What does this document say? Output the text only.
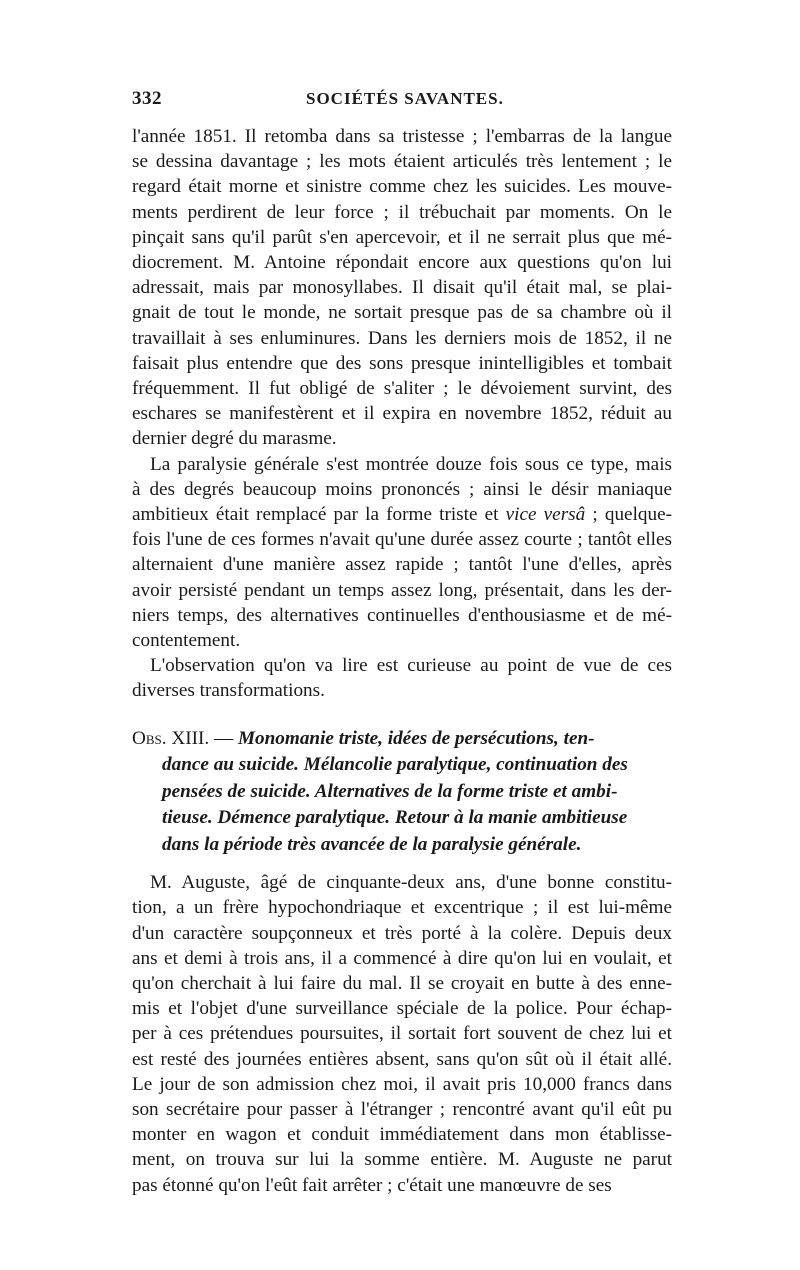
332	SOCIÉTÉS SAVANTES.
l'année 1851. Il retomba dans sa tristesse ; l'embarras de la langue
se dessina davantage ; les mots étaient articulés très lentement ; le
regard était morne et sinistre comme chez les suicides. Les mouve-
ments perdirent de leur force ; il trébuchait par moments. On le
pinçait sans qu'il parût s'en apercevoir, et il ne serrait plus que mé-
diocrement. M. Antoine répondait encore aux questions qu'on lui
adressait, mais par monosyllabes. Il disait qu'il était mal, se plai-
gnait de tout le monde, ne sortait presque pas de sa chambre où il
travaillait à ses enluminures. Dans les derniers mois de 1852, il ne
faisait plus entendre que des sons presque inintelligibles et tombait
fréquemment. Il fut obligé de s'aliter ; le dévoiement survint, des
eschares se manifestèrent et il expira en novembre 1852, réduit au
dernier degré du marasme.
La paralysie générale s'est montrée douze fois sous ce type, mais
à des degrés beaucoup moins prononcés ; ainsi le désir maniaque
ambitieux était remplacé par la forme triste et vice versâ ; quelque-
fois l'une de ces formes n'avait qu'une durée assez courte ; tantôt elles
alternaient d'une manière assez rapide ; tantôt l'une d'elles, après
avoir persisté pendant un temps assez long, présentait, dans les der-
niers temps, des alternatives continuelles d'enthousiasme et de mé-
contentement.
L'observation qu'on va lire est curieuse au point de vue de ces
diverses transformations.

Obs. XIII. — Monomanie triste, idées de persécutions, ten-

dance au suicide. Mélancolie paralytique, continuation des

pensées de suicide. Alternatives de la forme triste et ambi-

tieuse. Démence paralytique. Retour à la manie ambitieuse

dans la période très avancée de la paralysie générale.

M. Auguste, âgé de cinquante-deux ans, d'une bonne constitu-
tion, a un frère hypochondriaque et excentrique ; il est lui-même
d'un caractère soupçonneux et très porté à la colère. Depuis deux
ans et demi à trois ans, il a commencé à dire qu'on lui en voulait, et
qu'on cherchait à lui faire du mal. Il se croyait en butte à des enne-
mis et l'objet d'une surveillance spéciale de la police. Pour échap-
per à ces prétendues poursuites, il sortait fort souvent de chez lui et
est resté des journées entières absent, sans qu'on sût où il était allé.
Le jour de son admission chez moi, il avait pris 10,000 francs dans
son secrétaire pour passer à l'étranger ; rencontré avant qu'il eût pu
monter en wagon et conduit immédiatement dans mon établisse-
ment, on trouva sur lui la somme entière. M. Auguste ne parut
pas étonné qu'on l'eût fait arrêter ; c'était une manœuvre de ses
